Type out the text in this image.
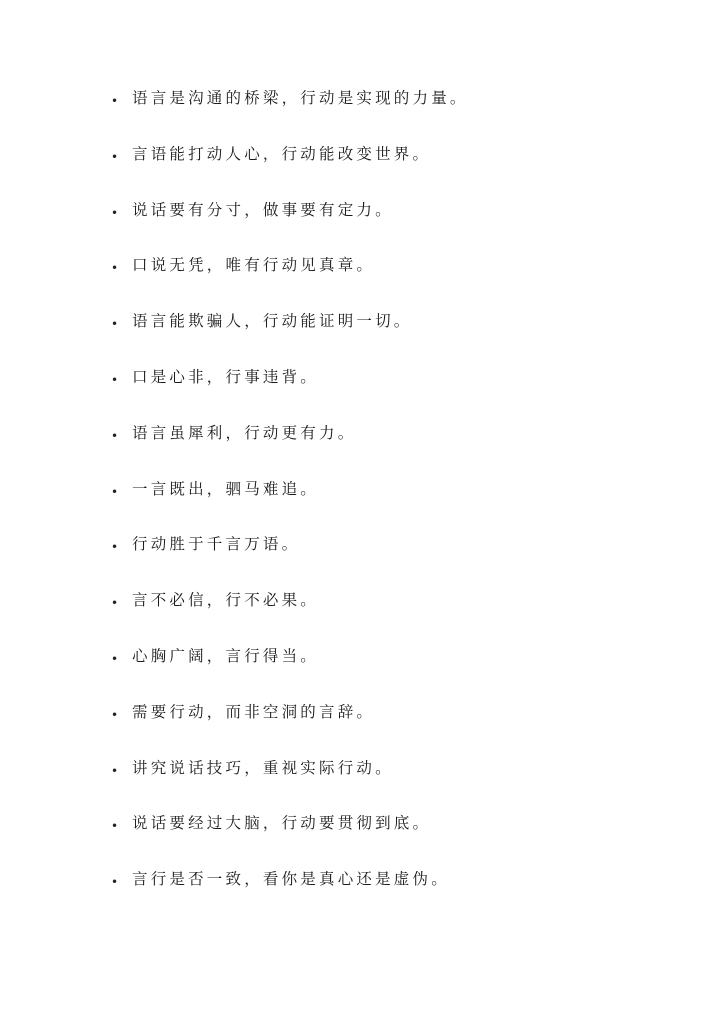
• 语言是沟通的桥梁，行动是实现的力量。
• 言语能打动人心，行动能改变世界。
• 说话要有分寸，做事要有定力。
• 口说无凭，唯有行动见真章。
• 语言能欺骗人，行动能证明一切。
• 口是心非，行事违背。
• 语言虽犀利，行动更有力。
• 一言既出，驷马难追。
• 行动胜于千言万语。
• 言不必信，行不必果。
• 心胸广阔，言行得当。
• 需要行动，而非空洞的言辞。
• 讲究说话技巧，重视实际行动。
• 说话要经过大脑，行动要贯彻到底。
• 言行是否一致，看你是真心还是虚伪。
